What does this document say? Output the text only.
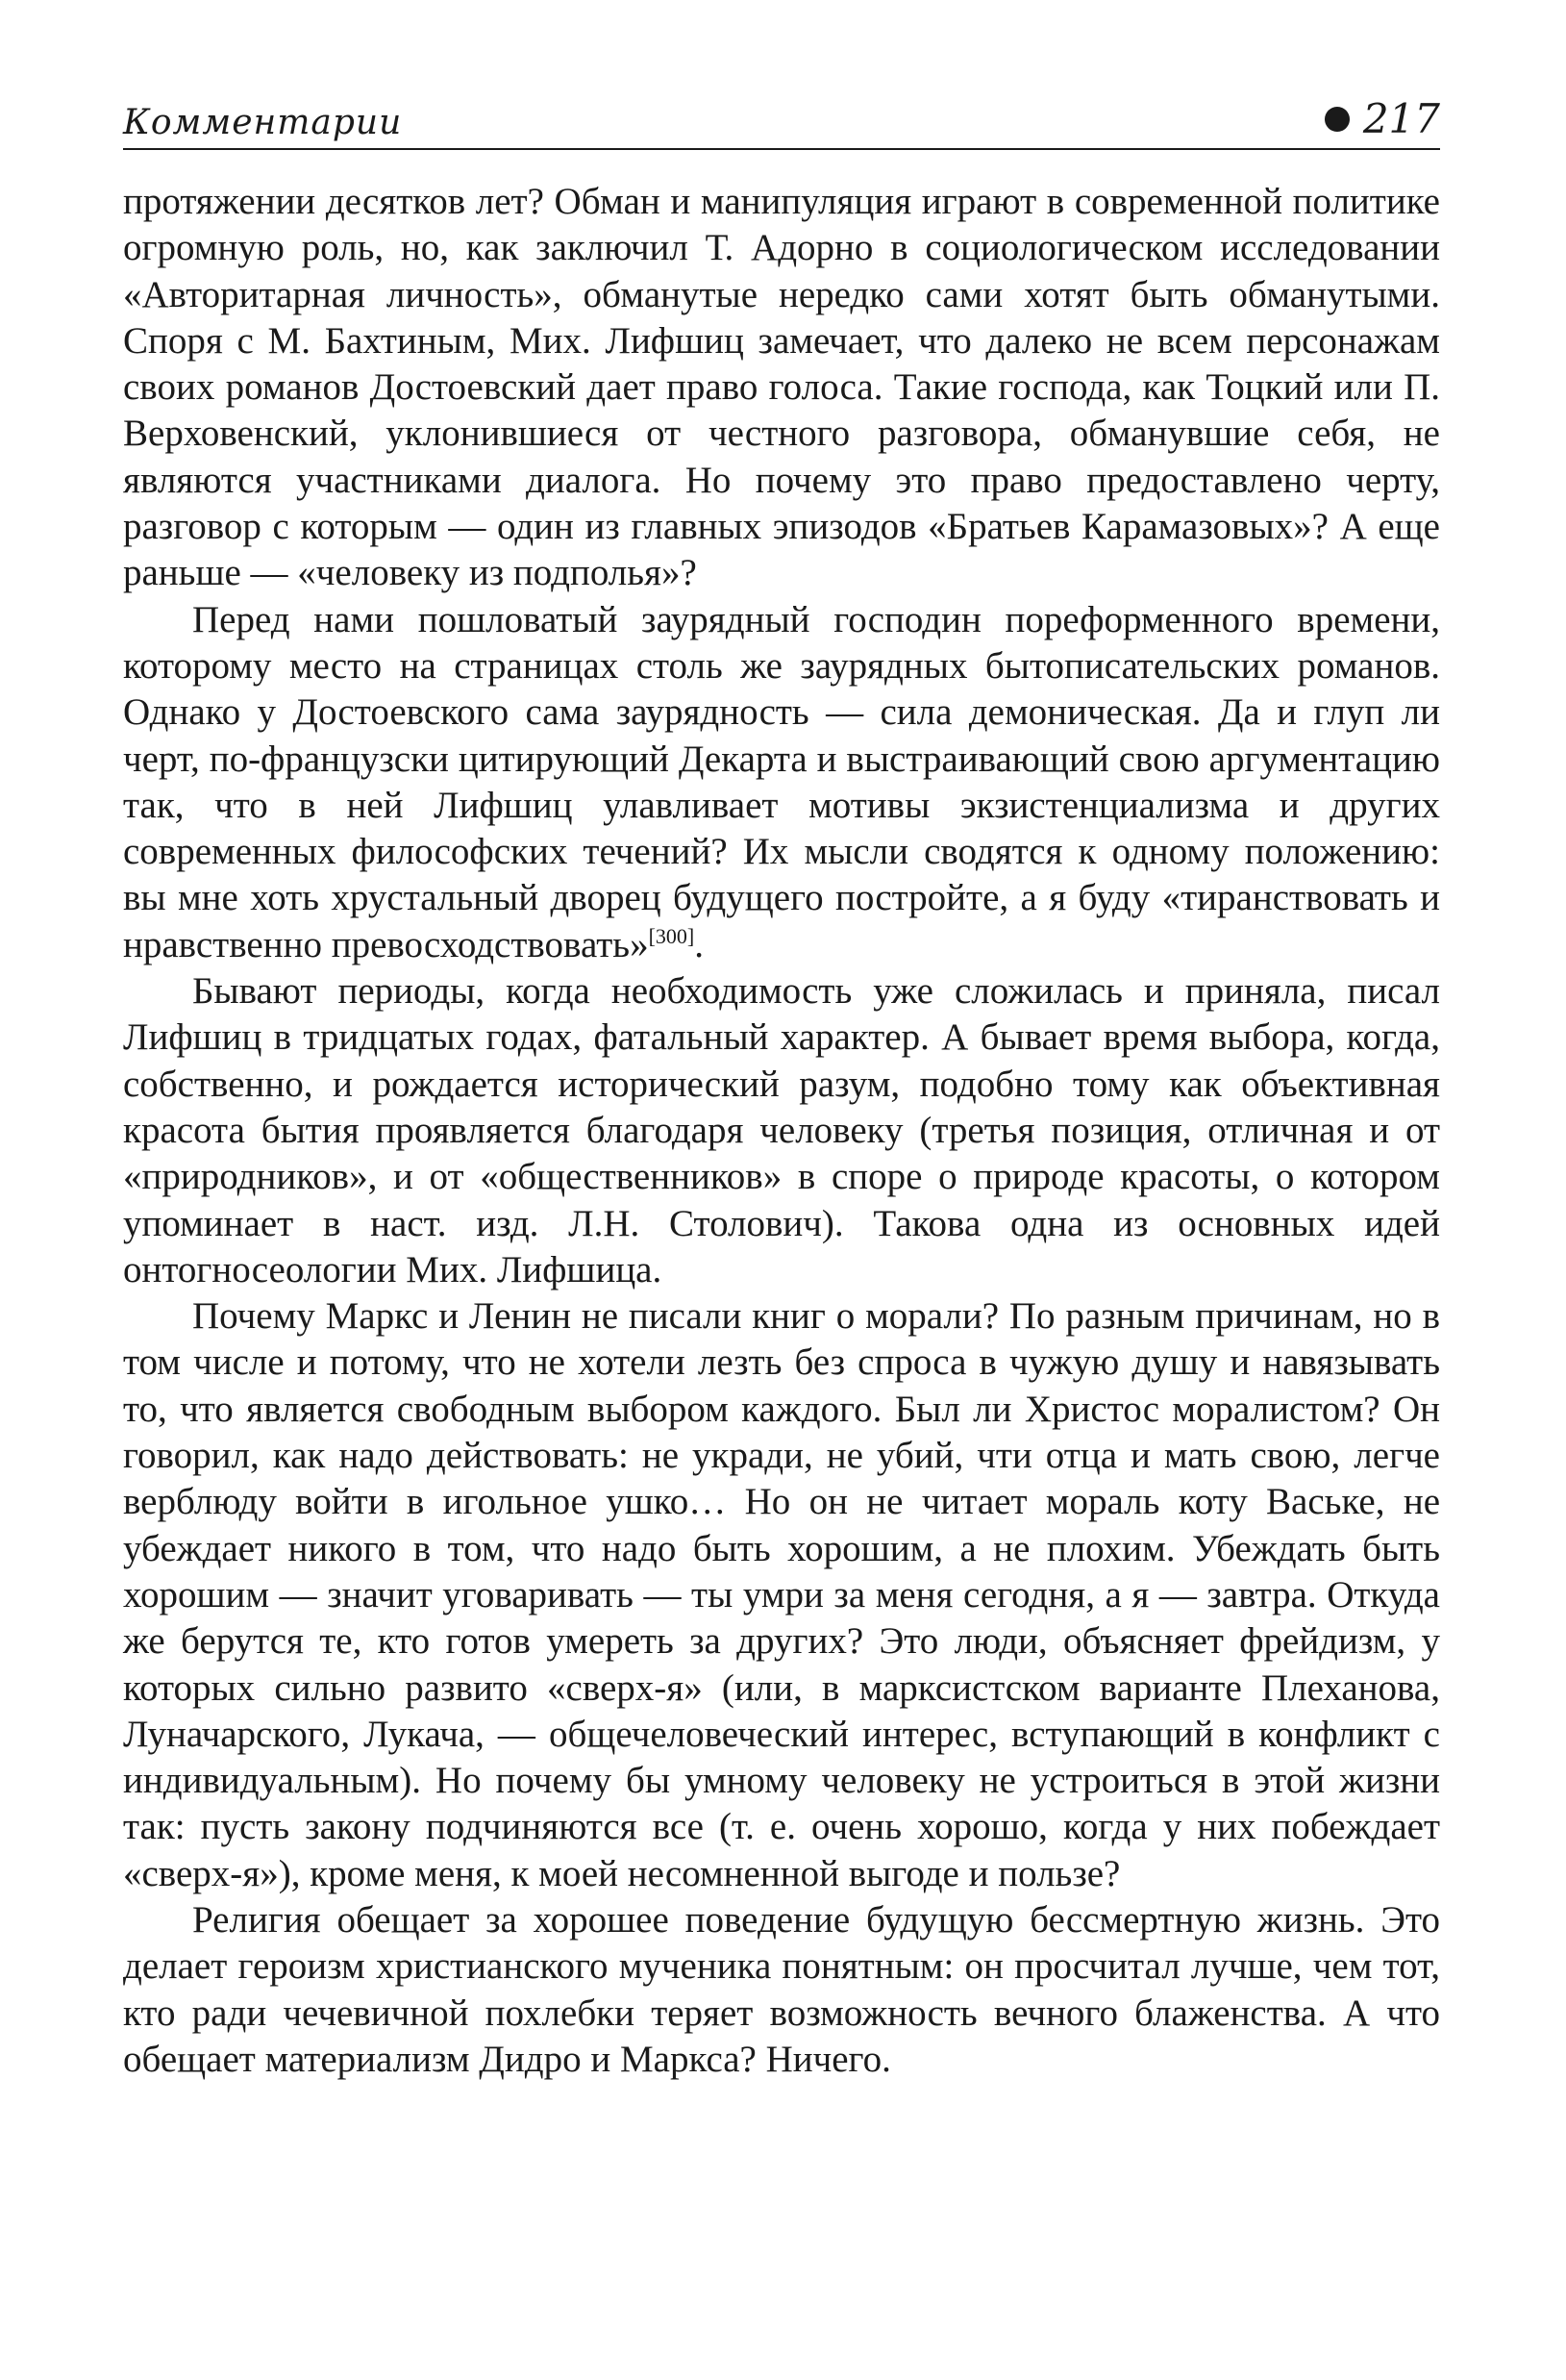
Комментарии	217

протяжении десятков лет? Обман и манипуляция играют в современной политике огромную роль, но, как заключил Т. Адорно в социологическом исследовании «Авторитарная личность», обманутые нередко сами хотят быть обманутыми. Споря с М. Бахтиным, Мих. Лифшиц замечает, что далеко не всем персонажам своих романов Достоевский дает право голоса. Такие господа, как Тоцкий или П. Верховенский, уклонившиеся от честного разговора, обманувшие себя, не являются участниками диалога. Но почему это право предоставлено черту, разговор с которым — один из главных эпизодов «Братьев Карамазовых»? А еще раньше — «человеку из подполья»?

Перед нами пошловатый заурядный господин пореформенного времени, которому место на страницах столь же заурядных бытописательских романов. Однако у Достоевского сама заурядность — сила демоническая. Да и глуп ли черт, по-французски цитирующий Декарта и выстраивающий свою аргументацию так, что в ней Лифшиц улавливает мотивы экзистенциализма и других современных философских течений? Их мысли сводятся к одному положению: вы мне хоть хрустальный дворец будущего постройте, а я буду «тиранствовать и нравственно превосходствовать»[300].

Бывают периоды, когда необходимость уже сложилась и приняла, писал Лифшиц в тридцатых годах, фатальный характер. А бывает время выбора, когда, собственно, и рождается исторический разум, подобно тому как объективная красота бытия проявляется благодаря человеку (третья позиция, отличная и от «природников», и от «общественников» в споре о природе красоты, о котором упоминает в наст. изд. Л.Н. Столович). Такова одна из основных идей онтогносеологии Мих. Лифшица.

Почему Маркс и Ленин не писали книг о морали? По разным причинам, но в том числе и потому, что не хотели лезть без спроса в чужую душу и навязывать то, что является свободным выбором каждого. Был ли Христос моралистом? Он говорил, как надо действовать: не укради, не убий, чти отца и мать свою, легче верблюду войти в игольное ушко… Но он не читает мораль коту Ваське, не убеждает никого в том, что надо быть хорошим, а не плохим. Убеждать быть хорошим — значит уговаривать — ты умри за меня сегодня, а я — завтра. Откуда же берутся те, кто готов умереть за других? Это люди, объясняет фрейдизм, у которых сильно развито «сверх-я» (или, в марксистском варианте Плеханова, Луначарского, Лукача, — общечеловеческий интерес, вступающий в конфликт с индивидуальным). Но почему бы умному человеку не устроиться в этой жизни так: пусть закону подчиняются все (т. е. очень хорошо, когда у них побеждает «сверх-я»), кроме меня, к моей несомненной выгоде и пользе?

Религия обещает за хорошее поведение будущую бессмертную жизнь. Это делает героизм христианского мученика понятным: он просчитал лучше, чем тот, кто ради чечевичной похлебки теряет возможность вечного блаженства. А что обещает материализм Дидро и Маркса? Ничего.
